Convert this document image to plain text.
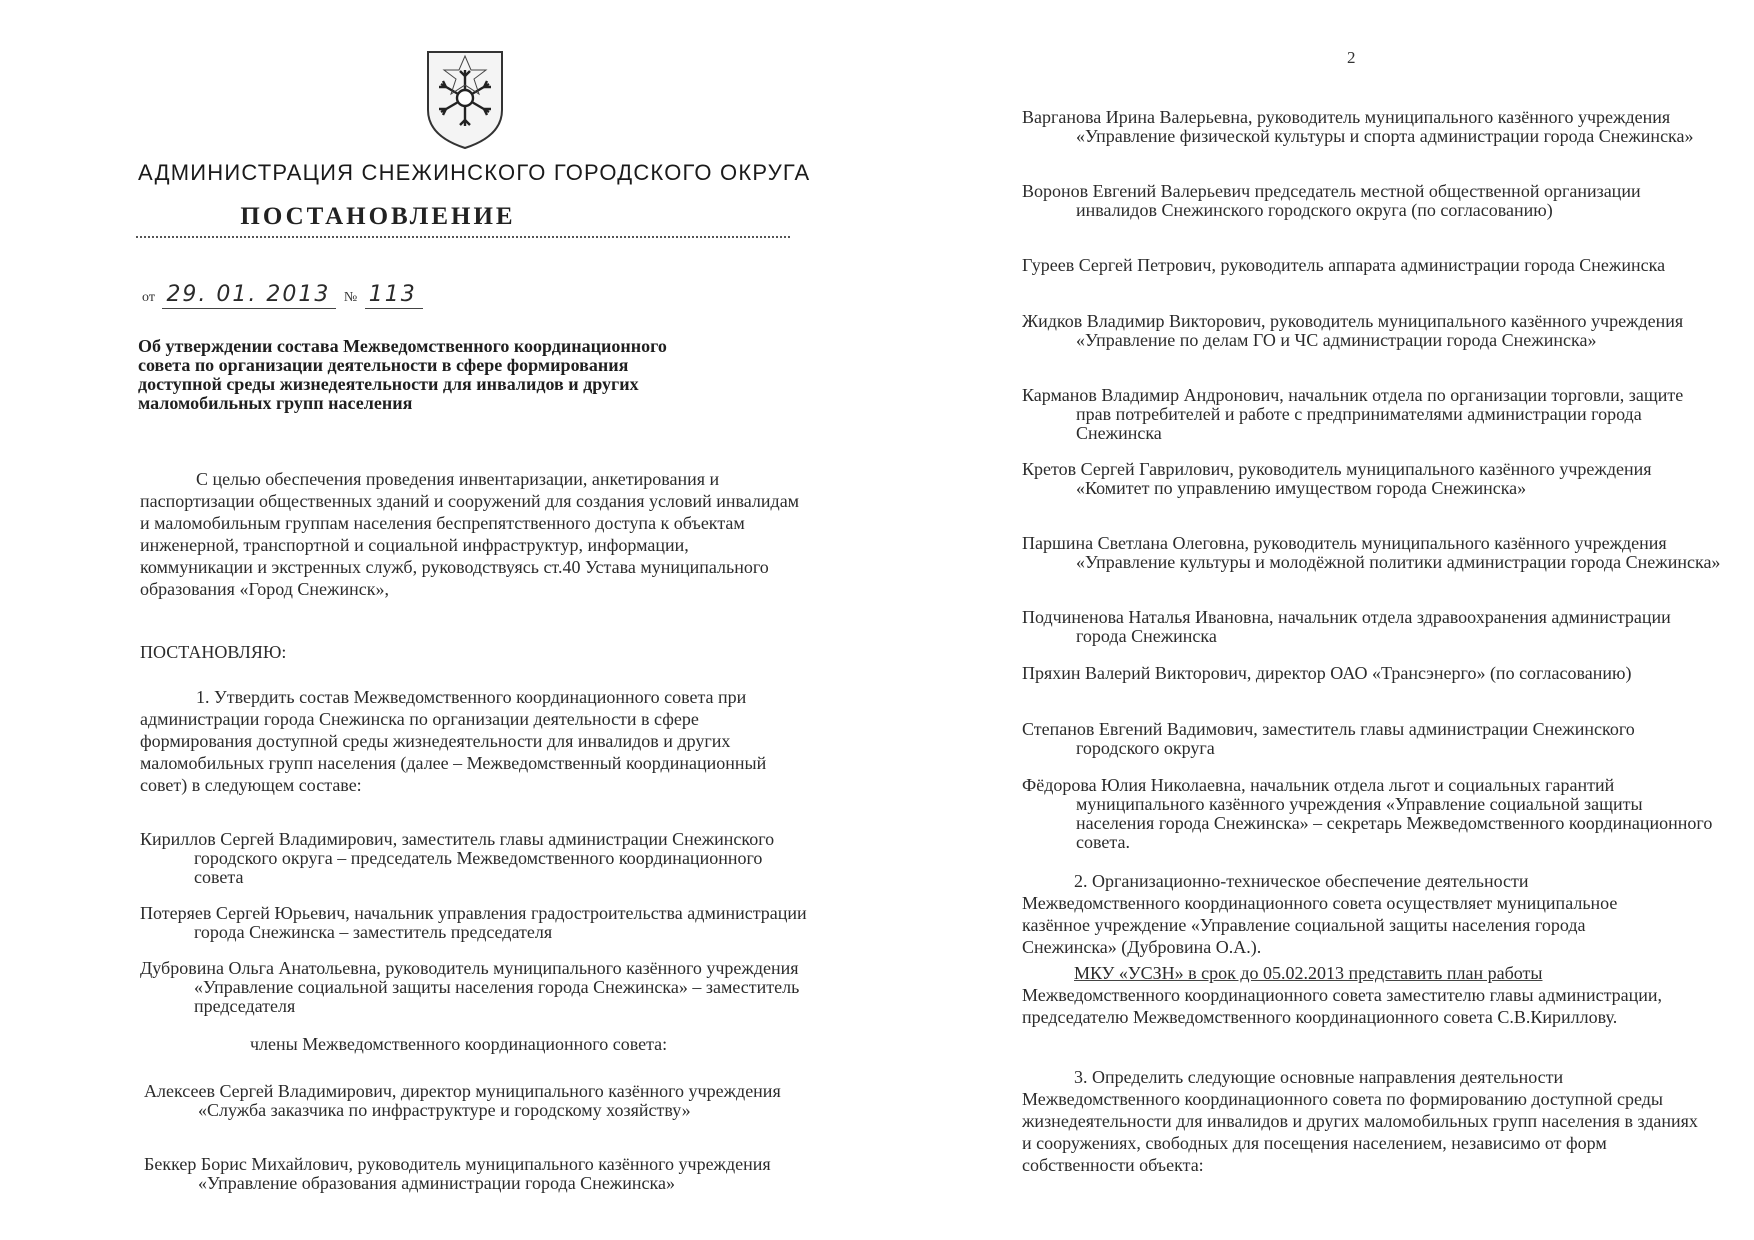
АДМИНИСТРАЦИЯ СНЕЖИНСКОГО ГОРОДСКОГО ОКРУГА
ПОСТАНОВЛЕНИЕ
от 29. 01. 2013 № 113
Об утверждении состава Межведомственного координационного совета по организации деятельности в сфере формирования доступной среды жизнедеятельности для инвалидов и других маломобильных групп населения
С целью обеспечения проведения инвентаризации, анкетирования и паспортизации общественных зданий и сооружений для создания условий инвалидам и маломобильным группам населения беспрепятственного доступа к объектам инженерной, транспортной и социальной инфраструктур, информации, коммуникации и экстренных служб, руководствуясь ст.40 Устава муниципального образования «Город Снежинск»,
ПОСТАНОВЛЯЮ:
1. Утвердить состав Межведомственного координационного совета при администрации города Снежинска по организации деятельности в сфере формирования доступной среды жизнедеятельности для инвалидов и других маломобильных групп населения (далее – Межведомственный координационный совет) в следующем составе:
Кириллов Сергей Владимирович, заместитель главы администрации Снежинского городского округа – председатель Межведомственного координационного совета
Потеряев Сергей Юрьевич, начальник управления градостроительства администрации города Снежинска – заместитель председателя
Дубровина Ольга Анатольевна, руководитель муниципального казённого учреждения «Управление социальной защиты населения города Снежинска» – заместитель председателя
члены Межведомственного координационного совета:
Алексеев Сергей Владимирович, директор муниципального казённого учреждения «Служба заказчика по инфраструктуре и городскому хозяйству»
Беккер Борис Михайлович, руководитель муниципального казённого учреждения «Управление образования администрации города Снежинска»
2
Варганова Ирина Валерьевна, руководитель муниципального казённого учреждения «Управление физической культуры и спорта администрации города Снежинска»
Воронов Евгений Валерьевич председатель местной общественной организации инвалидов Снежинского городского округа (по согласованию)
Гуреев Сергей Петрович, руководитель аппарата администрации города Снежинска
Жидков Владимир Викторович, руководитель муниципального казённого учреждения «Управление по делам ГО и ЧС администрации города Снежинска»
Карманов Владимир Андронович, начальник отдела по организации торговли, защите прав потребителей и работе с предпринимателями администрации города Снежинска
Кретов Сергей Гаврилович, руководитель муниципального казённого учреждения «Комитет по управлению имуществом города Снежинска»
Паршина Светлана Олеговна, руководитель муниципального казённого учреждения «Управление культуры и молодёжной политики администрации города Снежинска»
Подчиненова Наталья Ивановна, начальник отдела здравоохранения администрации города Снежинска
Пряхин Валерий Викторович, директор ОАО «Трансэнерго» (по согласованию)
Степанов Евгений Вадимович, заместитель главы администрации Снежинского городского округа
Фёдорова Юлия Николаевна, начальник отдела льгот и социальных гарантий муниципального казённого учреждения «Управление социальной защиты населения города Снежинска» – секретарь Межведомственного координационного совета.
2. Организационно-техническое обеспечение деятельности Межведомственного координационного совета осуществляет муниципальное казённое учреждение «Управление социальной защиты населения города Снежинска» (Дубровина О.А.).
МКУ «УСЗН» в срок до 05.02.2013 представить план работы
Межведомственного координационного совета заместителю главы администрации, председателю Межведомственного координационного совета С.В.Кириллову.
3. Определить следующие основные направления деятельности Межведомственного координационного совета по формированию доступной среды жизнедеятельности для инвалидов и других маломобильных групп населения в зданиях и сооружениях, свободных для посещения населением, независимо от форм собственности объекта:
